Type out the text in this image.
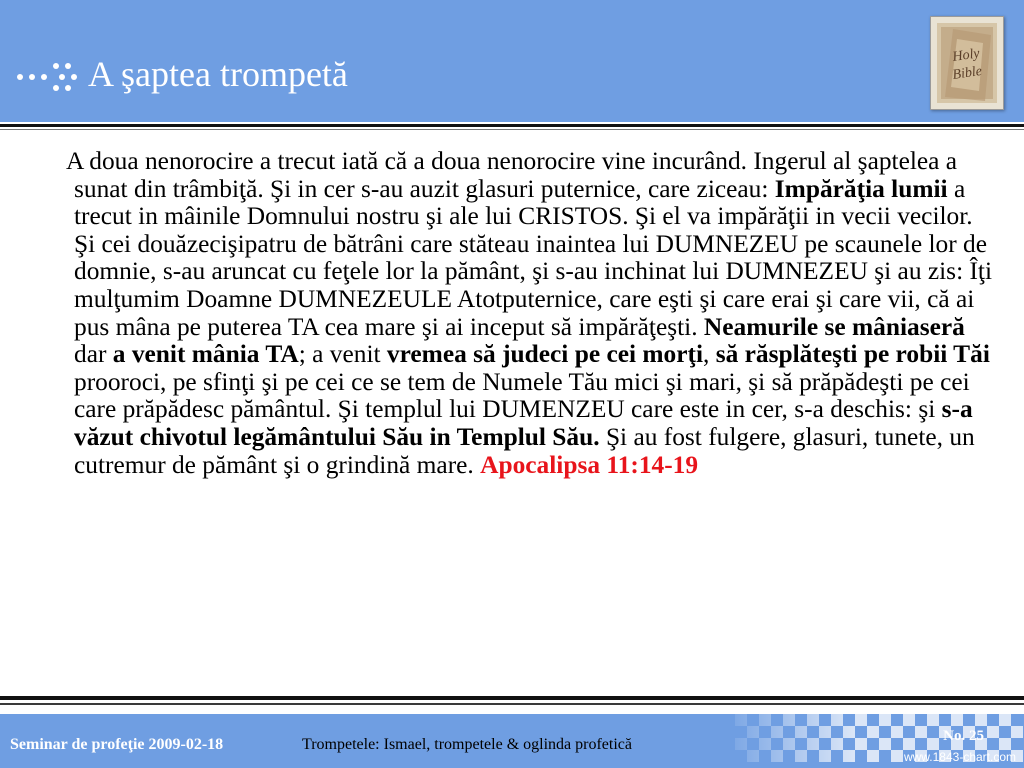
A şaptea trompetă	Holy
Bible

A doua nenorocire a trecut iată că a doua nenorocire vine incurând. Ingerul al şaptelea a sunat din trâmbiţă. Şi in cer s-au auzit glasuri puternice, care ziceau: Impărăţia lumii a trecut in mâinile Domnului nostru şi ale lui CRISTOS. Şi el va impărăţii in vecii vecilor. Şi cei douăzecişipatru de bătrâni care stăteau inaintea lui DUMNEZEU pe scaunele lor de domnie, s-au aruncat cu feţele lor la pământ, şi s-au inchinat lui DUMNEZEU şi au zis: Îţi mulţumim Doamne DUMNEZEULE Atotputernice, care eşti şi care erai şi care vii, că ai pus mâna pe puterea TA cea mare şi ai inceput să impărăţeşti. Neamurile se mâniaseră dar a venit mânia TA; a venit vremea să judeci pe cei morţi, să răsplăteşti pe robii Tăi prooroci, pe sfinţi şi pe cei ce se tem de Numele Tău mici şi mari, şi să prăpădeşti pe cei care prăpădesc pământul. Şi templul lui DUMENZEU care este in cer, s-a deschis: şi s-a văzut chivotul legământului Său in Templul Său. Şi au fost fulgere, glasuri, tunete, un cutremur de pământ şi o grindină mare. Apocalipsa 11:14-19

Seminar de profeţie 2009-02-18	Trompetele: Ismael, trompetele & oglinda profetică	No. 25
www.1843-chart.com
